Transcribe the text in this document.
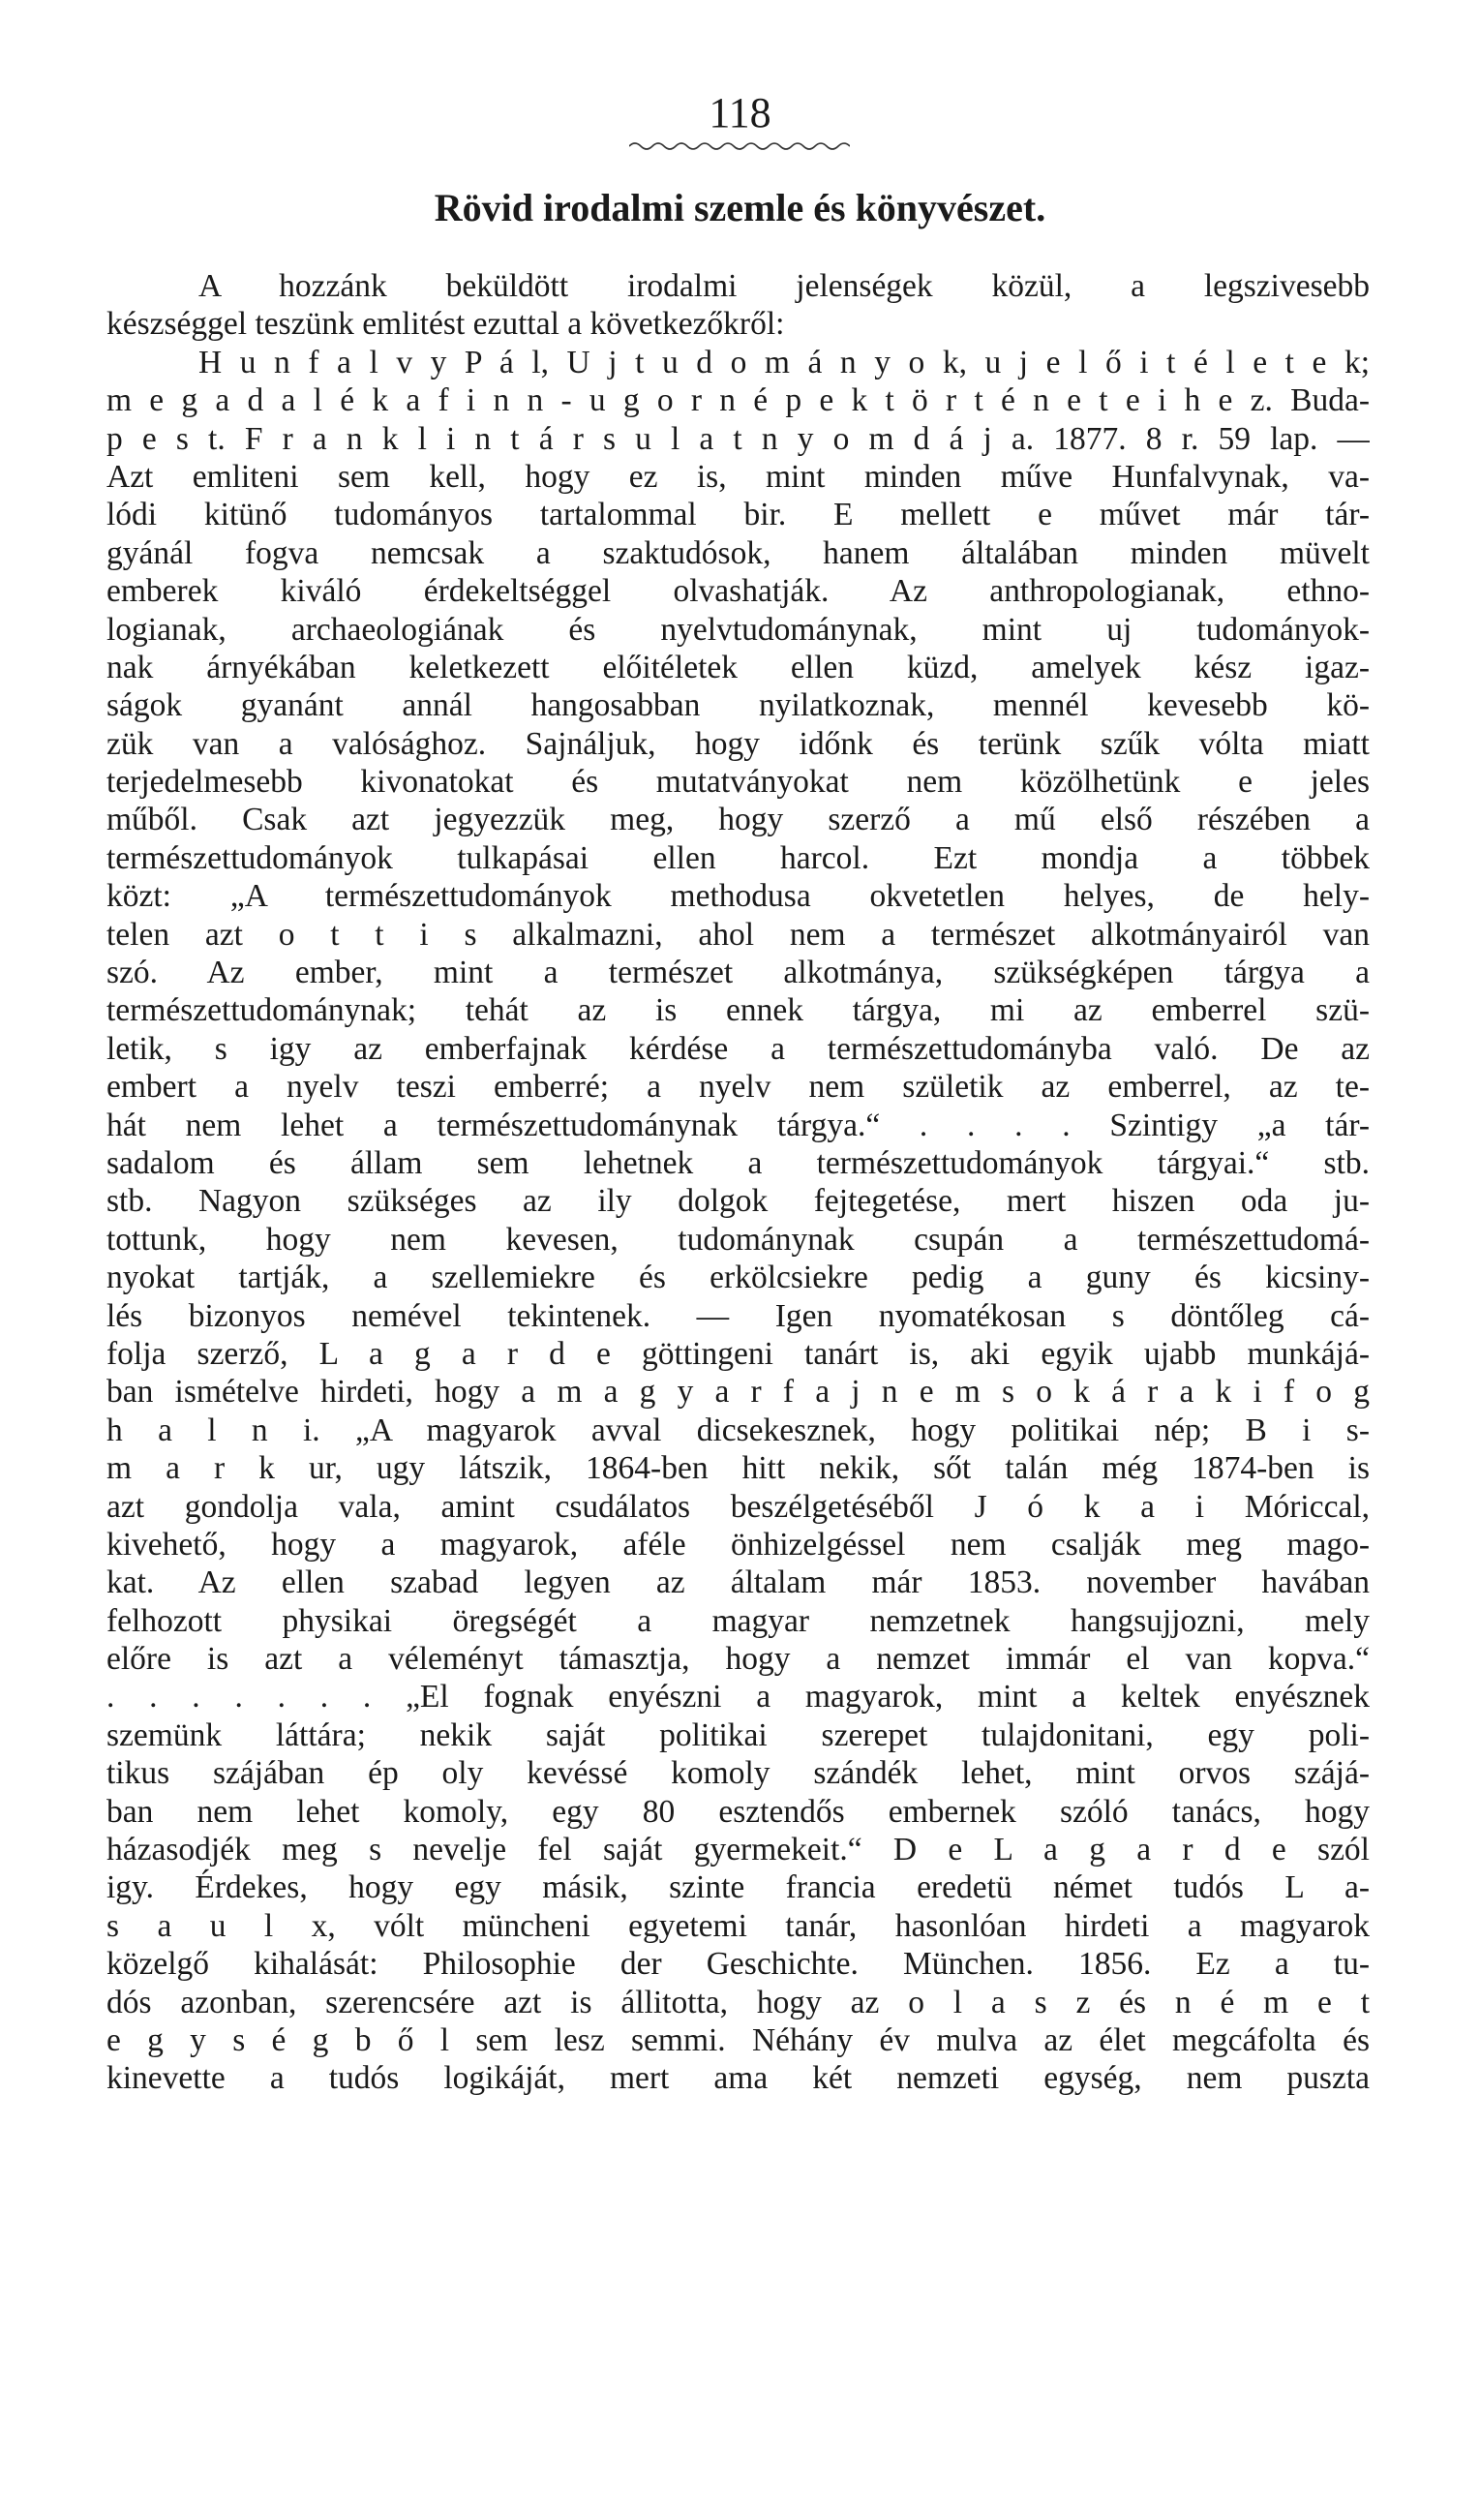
118
Rövid irodalmi szemle és könyvészet.
A hozzánk beküldött irodalmi jelenségek közül, a legszivesebb
készséggel teszünk emlitést ezuttal a következőkről:
H u n f a l v y P á l, U j t u d o m á n y o k, u j e l ő i t é l e t e k;
m e g a d a l é k a f i n n - u g o r n é p e k t ö r t é n e t e i h e z. Buda-
p e s t. F r a n k l i n t á r s u l a t n y o m d á j a. 1877. 8 r. 59 lap. —
Azt emliteni sem kell, hogy ez is, mint minden műve Hunfalvynak, va-
lódi kitünő tudományos tartalommal bir. E mellett e művet már tár-
gyánál fogva nemcsak a szaktudósok, hanem általában minden müvelt
emberek kiváló érdekeltséggel olvashatják. Az anthropologianak, ethno-
logianak, archaeologiának és nyelvtudománynak, mint uj tudományok-
nak árnyékában keletkezett előitéletek ellen küzd, amelyek kész igaz-
ságok gyanánt annál hangosabban nyilatkoznak, mennél kevesebb kö-
zük van a valósághoz. Sajnáljuk, hogy időnk és terünk szűk vólta miatt
terjedelmesebb kivonatokat és mutatványokat nem közölhetünk e jeles
műből. Csak azt jegyezzük meg, hogy szerző a mű első részében a
természettudományok tulkapásai ellen harcol. Ezt mondja a többek
közt: „A természettudományok methodusa okvetetlen helyes, de hely-
telen azt o t t i s alkalmazni, ahol nem a természet alkotmányairól van
szó. Az ember, mint a természet alkotmánya, szükségképen tárgya a
természettudománynak; tehát az is ennek tárgya, mi az emberrel szü-
letik, s igy az emberfajnak kérdése a természettudományba való. De az
embert a nyelv teszi emberré; a nyelv nem születik az emberrel, az te-
hát nem lehet a természettudománynak tárgya.“ . . . . Szintigy „a tár-
sadalom és állam sem lehetnek a természettudományok tárgyai.“ stb.
stb. Nagyon szükséges az ily dolgok fejtegetése, mert hiszen oda ju-
tottunk, hogy nem kevesen, tudománynak csupán a természettudomá-
nyokat tartják, a szellemiekre és erkölcsiekre pedig a guny és kicsiny-
lés bizonyos nemével tekintenek. — Igen nyomatékosan s döntőleg cá-
folja szerző, L a g a r d e göttingeni tanárt is, aki egyik ujabb munkájá-
ban ismételve hirdeti, hogy a m a g y a r f a j n e m s o k á r a k i f o g
h a l n i. „A magyarok avval dicsekesznek, hogy politikai nép; B i s-
m a r k ur, ugy látszik, 1864-ben hitt nekik, sőt talán még 1874-ben is
azt gondolja vala, amint csudálatos beszélgetéséből J ó k a i Móriccal,
kivehető, hogy a magyarok, aféle önhizelgéssel nem csalják meg mago-
kat. Az ellen szabad legyen az általam már 1853. november havában
felhozott physikai öregségét a magyar nemzetnek hangsujjozni, mely
előre is azt a véleményt támasztja, hogy a nemzet immár el van kopva.“
. . . . . . . „El fognak enyészni a magyarok, mint a keltek enyésznek
szemünk láttára; nekik saját politikai szerepet tulajdonitani, egy poli-
tikus szájában ép oly kevéssé komoly szándék lehet, mint orvos szájá-
ban nem lehet komoly, egy 80 esztendős embernek szóló tanács, hogy
házasodjék meg s nevelje fel saját gyermekeit.“ D e L a g a r d e szól
igy. Érdekes, hogy egy másik, szinte francia eredetü német tudós L a-
s a u l x, vólt müncheni egyetemi tanár, hasonlóan hirdeti a magyarok
közelgő kihalását: Philosophie der Geschichte. München. 1856. Ez a tu-
dós azonban, szerencsére azt is állitotta, hogy az o l a s z és n é m e t
e g y s é g b ő l sem lesz semmi. Néhány év mulva az élet megcáfolta és
kinevette a tudós logikáját, mert ama két nemzeti egység, nem puszta
